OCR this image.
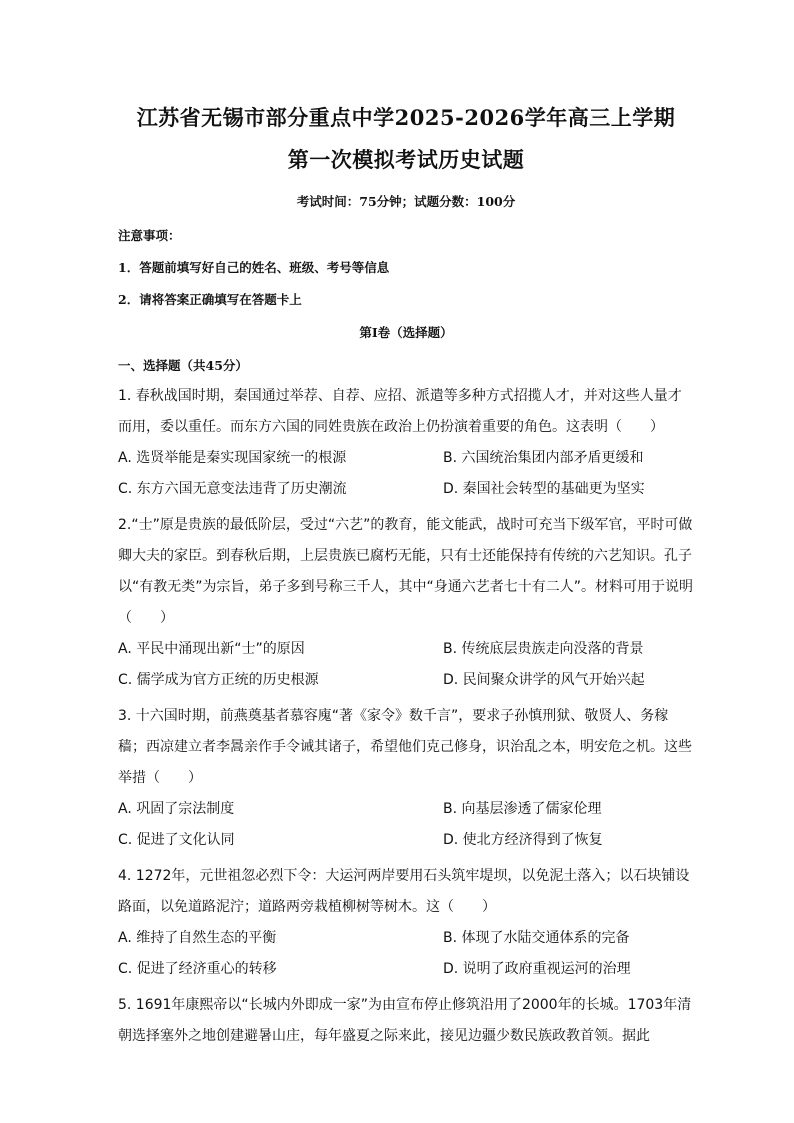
江苏省无锡市部分重点中学2025-2026学年高三上学期
第一次模拟考试历史试题
考试时间：75分钟；试题分数：100分
注意事项：
1．答题前填写好自己的姓名、班级、考号等信息
2．请将答案正确填写在答题卡上
第I卷（选择题）
一、选择题（共45分）
1. 春秋战国时期，秦国通过举荐、自荐、应招、派遣等多种方式招揽人才，并对这些人量才而用，委以重任。而东方六国的同姓贵族在政治上仍扮演着重要的角色。这表明（　　）
A. 选贤举能是秦实现国家统一的根源	B. 六国统治集团内部矛盾更缓和
C. 东方六国无意变法违背了历史潮流	D. 秦国社会转型的基础更为坚实
2.“士”原是贵族的最低阶层，受过“六艺”的教育，能文能武，战时可充当下级军官，平时可做卿大夫的家臣。到春秋后期，上层贵族已腐朽无能，只有士还能保持有传统的六艺知识。孔子以“有教无类”为宗旨，弟子多到号称三千人，其中“身通六艺者七十有二人”。材料可用于说明（　　）
A. 平民中涌现出新“士”的原因	B. 传统底层贵族走向没落的背景
C. 儒学成为官方正统的历史根源	D. 民间聚众讲学的风气开始兴起
3. 十六国时期，前燕奠基者慕容廆“著《家令》数千言”，要求子孙慎刑狱、敬贤人、务稼穑；西凉建立者李暠亲作手令诫其诸子，希望他们克己修身，识治乱之本，明安危之机。这些举措（　　）
A. 巩固了宗法制度	B. 向基层渗透了儒家伦理
C. 促进了文化认同	D. 使北方经济得到了恢复
4. 1272年，元世祖忽必烈下令：大运河两岸要用石头筑牢堤坝，以免泥土落入；以石块铺设路面，以免道路泥泞；道路两旁栽植柳树等树木。这（　　）
A. 维持了自然生态的平衡	B. 体现了水陆交通体系的完备
C. 促进了经济重心的转移	D. 说明了政府重视运河的治理
5. 1691年康熙帝以“长城内外即成一家”为由宣布停止修筑沿用了2000年的长城。1703年清朝选择塞外之地创建避暑山庄，每年盛夏之际来此，接见边疆少数民族政教首领。据此
